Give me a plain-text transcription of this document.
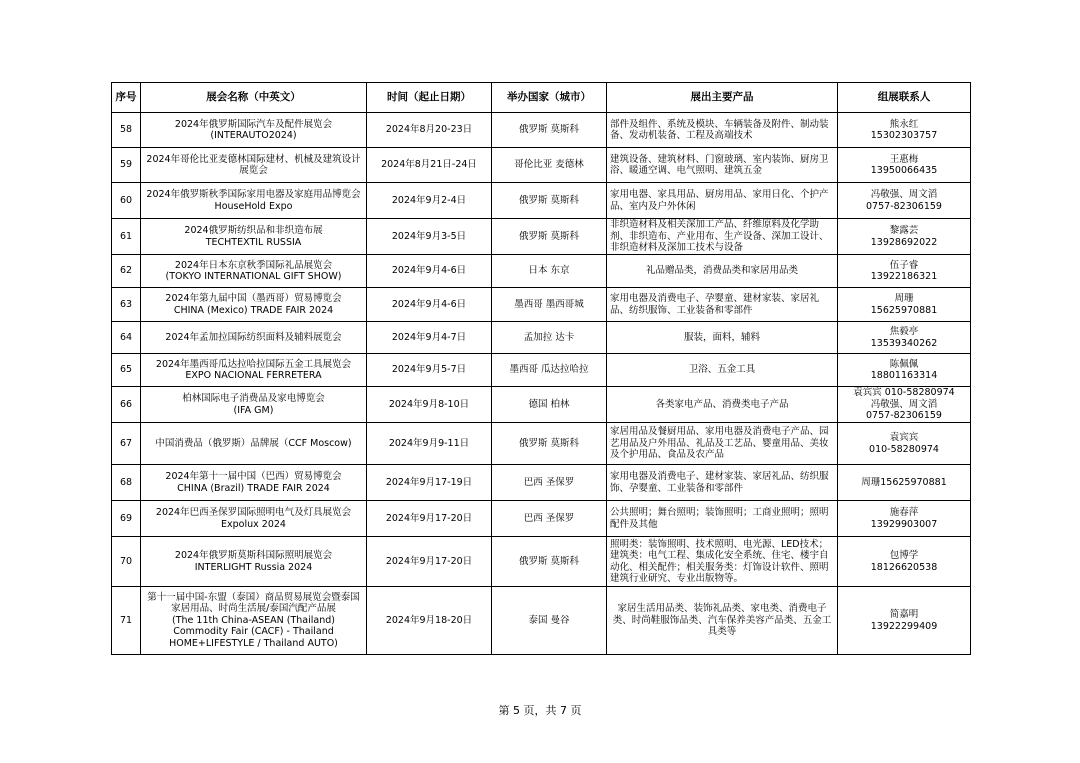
序号	展会名称（中英文）	时间（起止日期）	举办国家（城市）	展出主要产品	组展联系人
58	2024年俄罗斯国际汽车及配件展览会
(INTERAUTO2024)	2024年8月20-23日	俄罗斯 莫斯科	部件及组件、系统及模块、车辆装备及附件、制动装备、发动机装备、工程及高端技术	熊永红
15302303757

59	2024年哥伦比亚麦德林国际建材、机械及建筑设计展览会	2024年8月21日-24日	哥伦比亚 麦德林	建筑设备、建筑材料、门窗玻璃、室内装饰、厨房卫浴、暖通空调、电气照明、建筑五金	王惠梅
13950066435

60	2024年俄罗斯秋季国际家用电器及家庭用品博览会
HouseHold Expo	2024年9月2-4日	俄罗斯 莫斯科	家用电器、家具用品、厨房用品、家用日化、个护产品、室内及户外休闲	冯敬强、周文滔
0757-82306159

61	2024俄罗斯纺织品和非织造布展
TECHTEXTIL RUSSIA	2024年9月3-5日	俄罗斯 莫斯科	非织造材料及相关深加工产品、纤维原料及化学助剂、非织造布、产业用布、生产设备、深加工设计、非织造材料及深加工技术与设备	黎露芸
13928692022

62	2024年日本东京秋季国际礼品展览会
(TOKYO INTERNATIONAL GIFT SHOW)	2024年9月4-6日	日本 东京	礼品赠品类，消费品类和家居用品类	伍子睿
13922186321

63	2024年第九届中国（墨西哥）贸易博览会
CHINA (Mexico) TRADE FAIR 2024	2024年9月4-6日	墨西哥 墨西哥城	家用电器及消费电子、孕婴童、建材家装、家居礼品、纺织服饰、工业装备和零部件	周珊
15625970881

64	2024年孟加拉国际纺织面料及辅料展览会	2024年9月4-7日	孟加拉 达卡	服装，面料，辅料	焦毅亭
13539340262

65	2024年墨西哥瓜达拉哈拉国际五金工具展览会
EXPO NACIONAL FERRETERA	2024年9月5-7日	墨西哥 瓜达拉哈拉	卫浴、五金工具	陈佩佩
18801163314

66	柏林国际电子消费品及家电博览会
(IFA GM)	2024年9月8-10日	德国 柏林	各类家电产品、消费类电子产品	袁宾宾 010-58280974
冯敬强、周文滔
0757-82306159

67	中国消费品（俄罗斯）品牌展（CCF Moscow)	2024年9月9-11日	俄罗斯 莫斯科	家居用品及餐厨用品、家用电器及消费电子产品、园艺用品及户外用品、礼品及工艺品、婴童用品、美妆及个护用品、食品及农产品	袁宾宾
010-58280974

68	2024年第十一届中国（巴西）贸易博览会
CHINA (Brazil) TRADE FAIR 2024	2024年9月17-19日	巴西 圣保罗	家用电器及消费电子、建材家装、家居礼品、纺织服饰、孕婴童、工业装备和零部件	周珊15625970881

69	2024年巴西圣保罗国际照明电气及灯具展览会
Expolux 2024	2024年9月17-20日	巴西 圣保罗	公共照明；舞台照明；装饰照明；工商业照明；照明配件及其他	施春萍
13929903007

70	2024年俄罗斯莫斯科国际照明展览会
INTERLIGHT Russia 2024	2024年9月17-20日	俄罗斯 莫斯科	照明类：装饰照明、技术照明、电光源、LED技术；建筑类：电气工程、集成化安全系统、住宅、楼宇自动化、相关配件；相关服务类：灯饰设计软件、照明建筑行业研究、专业出版物等。	包博学
18126620538

71	第十一届中国-东盟（泰国）商品贸易展览会暨泰国家居用品、时尚生活展/泰国汽配产品展
(The 11th China-ASEAN (Thailand)
Commodity Fair (CACF) - Thailand
HOME+LIFESTYLE / Thailand AUTO)	2024年9月18-20日	泰国 曼谷	家居生活用品类、装饰礼品类、家电类、消费电子类、时尚鞋服饰品类、汽车保养美容产品类、五金工具类等	简嘉明
13922299409
第 5 页，共 7 页
